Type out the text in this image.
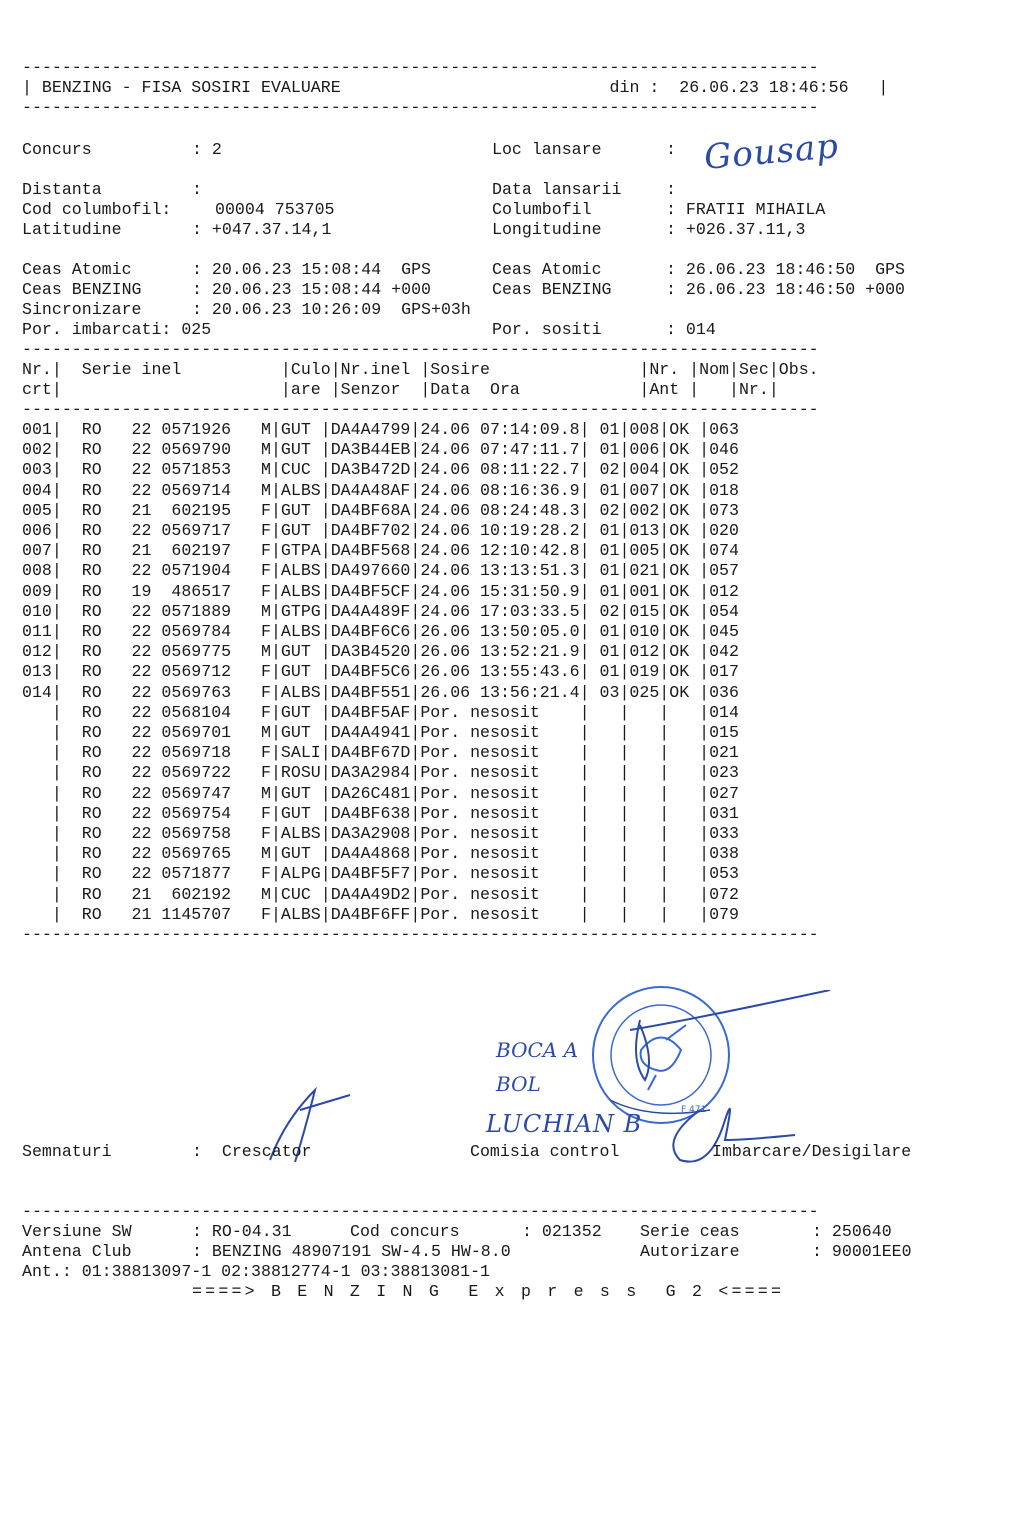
--------------------------------------------------------------------------------
| BENZING - FISA SOSIRI EVALUARE	din :  26.06.23 18:46:56   |
--------------------------------------------------------------------------------

Concurs	: 2	Loc lansare	:

Distanta	:	Data lansarii	:

Cod columbofil:	00004 753705	Columbofil	: FRATII MIHAILA

Latitudine	: +047.37.14,1	Longitudine	: +026.37.11,3

Gousap

Ceas Atomic	: 20.06.23 15:08:44  GPS	Ceas Atomic	: 26.06.23 18:46:50  GPS

Ceas BENZING	: 20.06.23 15:08:44 +000	Ceas BENZING	: 26.06.23 18:46:50 +000

Sincronizare	: 20.06.23 10:26:09  GPS+03h

Por. imbarcati: 025	Por. sositi	: 014

--------------------------------------------------------------------------------
Nr.|  Serie inel          |Culo|Nr.inel |Sosire               |Nr. |Nom|Sec|Obs.
crt|                      |are |Senzor  |Data  Ora            |Ant |   |Nr.|
--------------------------------------------------------------------------------
001|  RO   22 0571926   M|GUT |DA4A4799|24.06 07:14:09.8| 01|008|OK |063
002|  RO   22 0569790   M|GUT |DA3B44EB|24.06 07:47:11.7| 01|006|OK |046
003|  RO   22 0571853   M|CUC |DA3B472D|24.06 08:11:22.7| 02|004|OK |052
004|  RO   22 0569714   M|ALBS|DA4A48AF|24.06 08:16:36.9| 01|007|OK |018
005|  RO   21  602195   F|GUT |DA4BF68A|24.06 08:24:48.3| 02|002|OK |073
006|  RO   22 0569717   F|GUT |DA4BF702|24.06 10:19:28.2| 01|013|OK |020
007|  RO   21  602197   F|GTPA|DA4BF568|24.06 12:10:42.8| 01|005|OK |074
008|  RO   22 0571904   F|ALBS|DA497660|24.06 13:13:51.3| 01|021|OK |057
009|  RO   19  486517   F|ALBS|DA4BF5CF|24.06 15:31:50.9| 01|001|OK |012
010|  RO   22 0571889   M|GTPG|DA4A489F|24.06 17:03:33.5| 02|015|OK |054
011|  RO   22 0569784   F|ALBS|DA4BF6C6|26.06 13:50:05.0| 01|010|OK |045
012|  RO   22 0569775   M|GUT |DA3B4520|26.06 13:52:21.9| 01|012|OK |042
013|  RO   22 0569712   F|GUT |DA4BF5C6|26.06 13:55:43.6| 01|019|OK |017
014|  RO   22 0569763   F|ALBS|DA4BF551|26.06 13:56:21.4| 03|025|OK |036
|  RO   22 0568104   F|GUT |DA4BF5AF|Por. nesosit    |   |   |   |014
|  RO   22 0569701   M|GUT |DA4A4941|Por. nesosit    |   |   |   |015
|  RO   22 0569718   F|SALI|DA4BF67D|Por. nesosit    |   |   |   |021
|  RO   22 0569722   F|ROSU|DA3A2984|Por. nesosit    |   |   |   |023
|  RO   22 0569747   M|GUT |DA26C481|Por. nesosit    |   |   |   |027
|  RO   22 0569754   F|GUT |DA4BF638|Por. nesosit    |   |   |   |031
|  RO   22 0569758   F|ALBS|DA3A2908|Por. nesosit    |   |   |   |033
|  RO   22 0569765   M|GUT |DA4A4868|Por. nesosit    |   |   |   |038
|  RO   22 0571877   F|ALPG|DA4BF5F7|Por. nesosit    |   |   |   |053
|  RO   21  602192   M|CUC |DA4A49D2|Por. nesosit    |   |   |   |072
|  RO   21 1145707   F|ALBS|DA4BF6FF|Por. nesosit    |   |   |   |079
--------------------------------------------------------------------------------
F 471
BOCA A
BOL
LUCHIAN B

Semnaturi	:  Crescator	Comisia control	Imbarcare/Desigilare

--------------------------------------------------------------------------------

Versiune SW	: RO-04.31	Cod concurs	: 021352 Serie ceas	: 250640

Antena Club	: BENZING 48907191 SW-4.5 HW-8.0	Autorizare	: 90001EE0

Ant.: 01:38813097-1 02:38812774-1 03:38813081-1

====> B E N Z I N G  E x p r e s s  G 2 <====
